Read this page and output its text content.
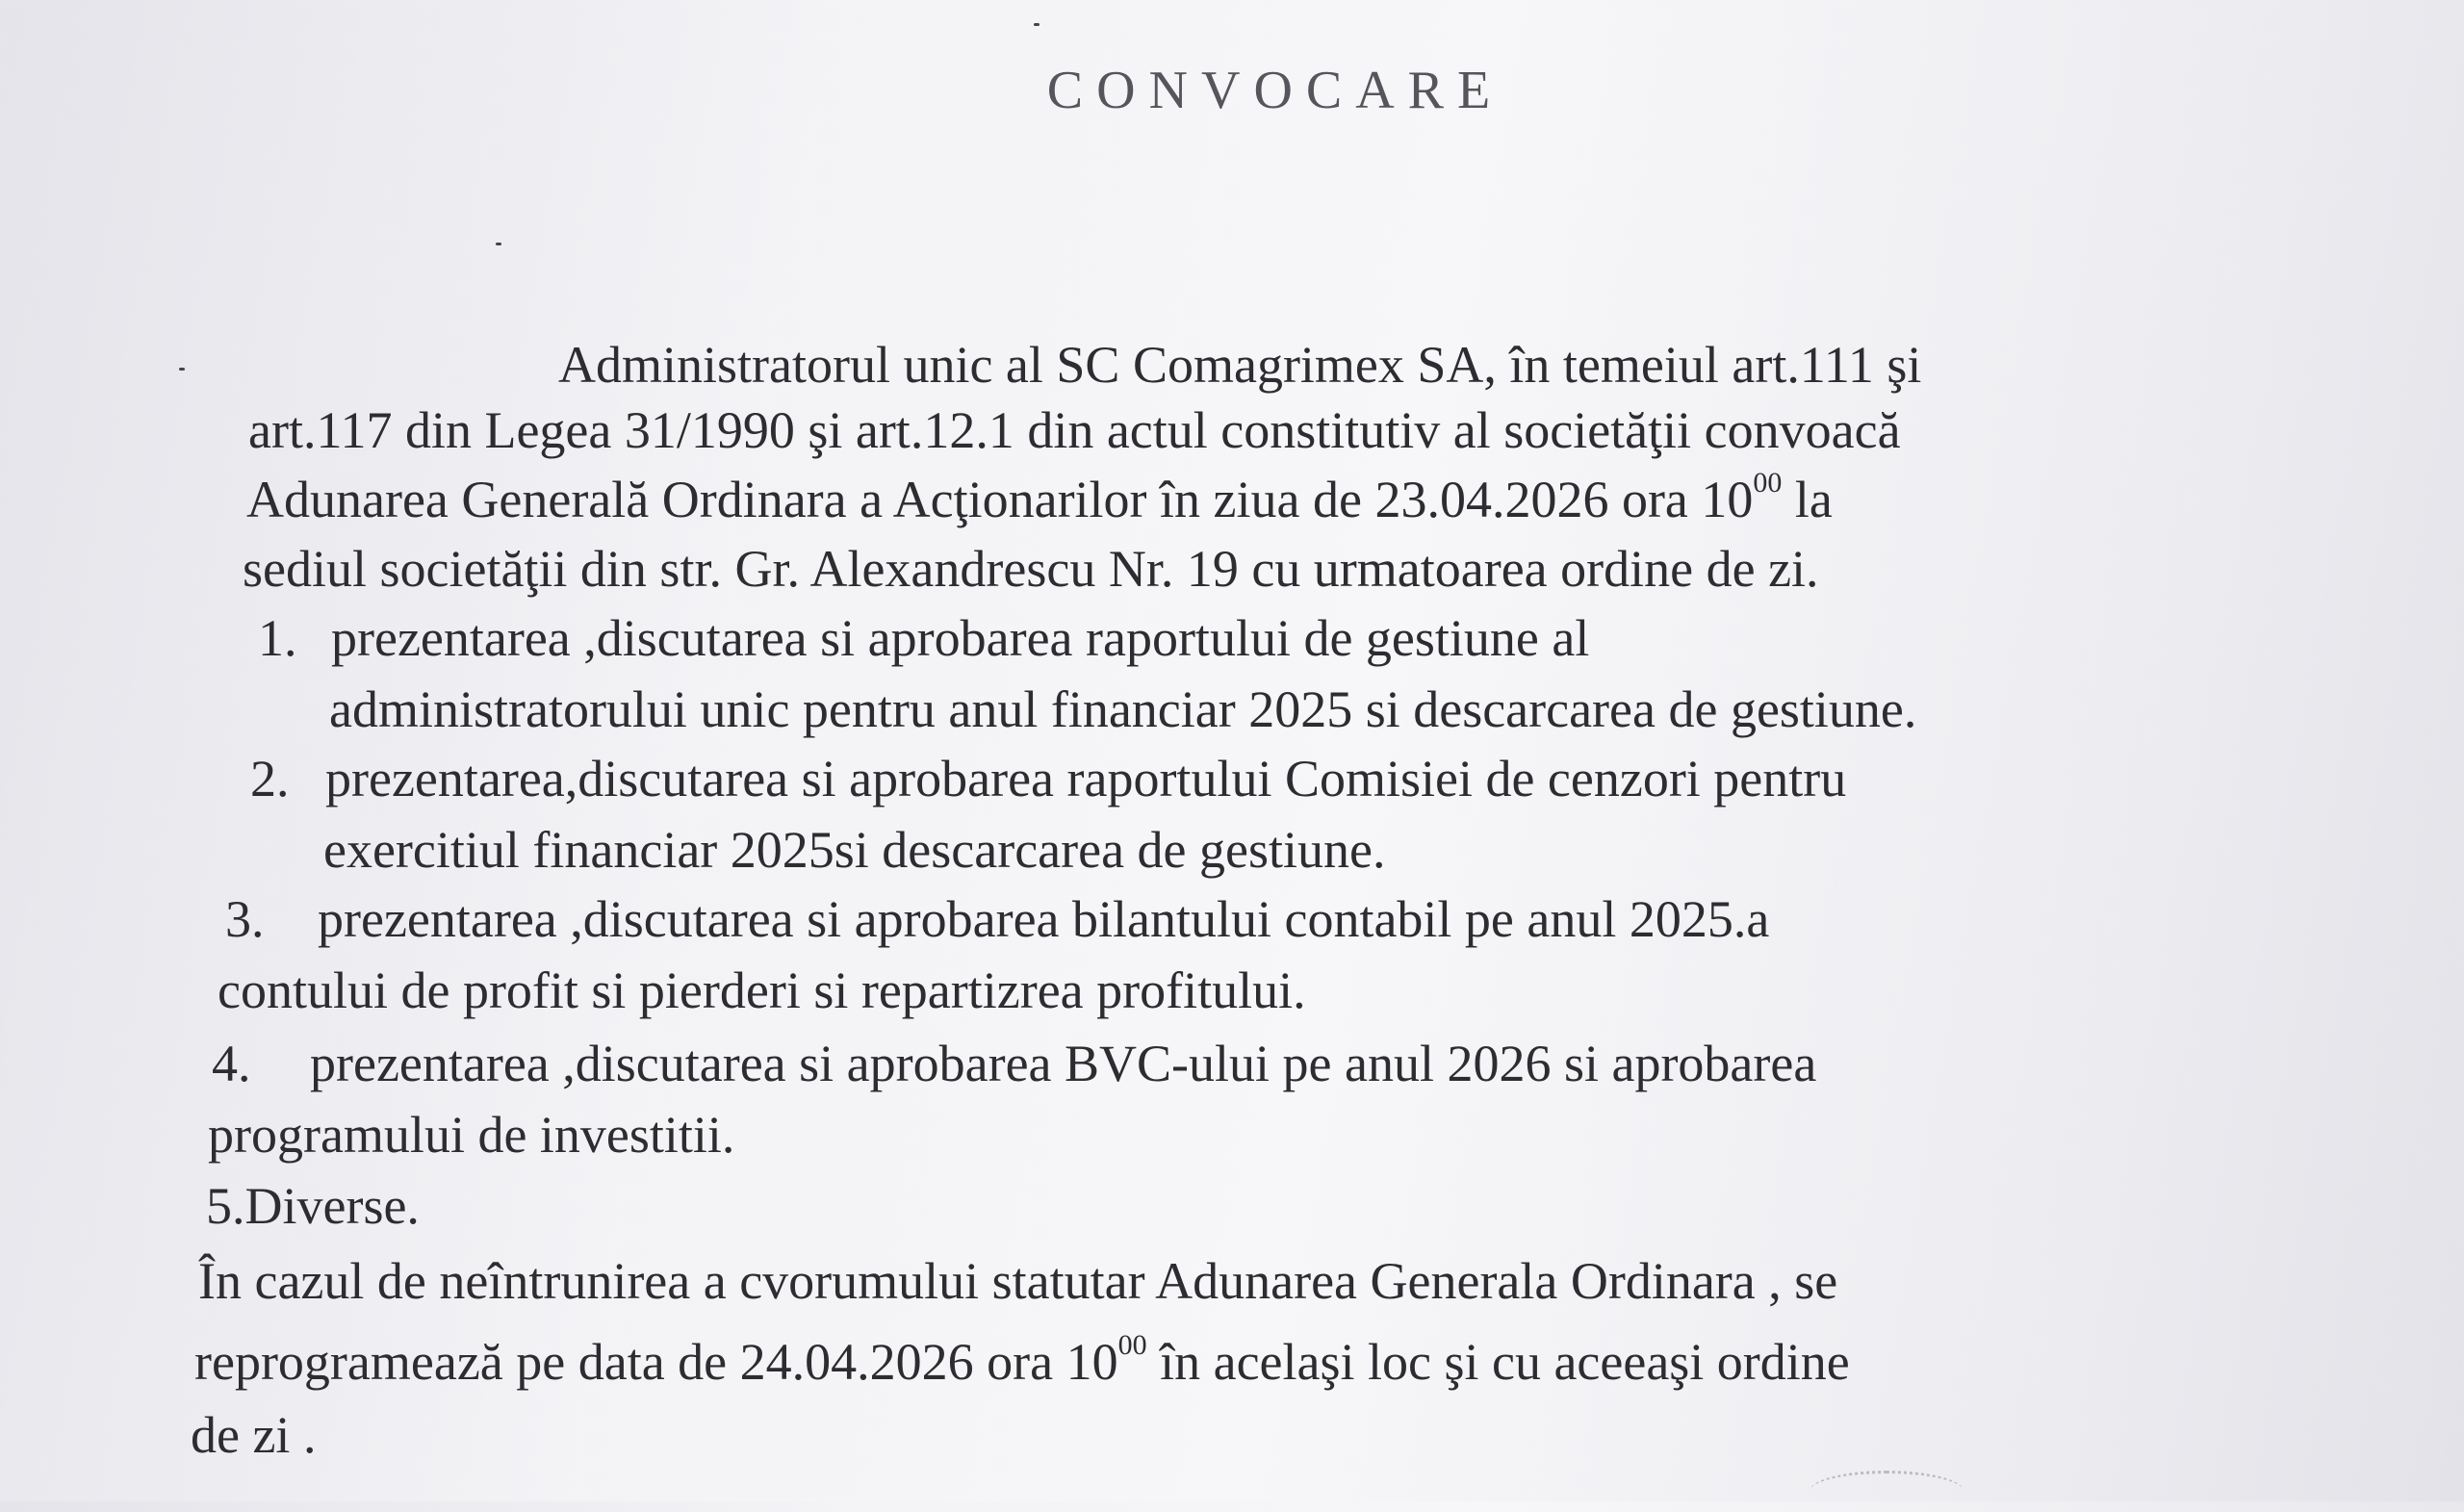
CONVOCARE
Administratorul unic al SC Comagrimex SA, în temeiul art.111 şi
art.117 din Legea 31/1990 şi art.12.1 din actul constitutiv al societăţii convoacă
Adunarea Generală Ordinara a Acţionarilor în ziua de 23.04.2026 ora $10^{00}$ la
sediul societăţii din str. Gr. Alexandrescu Nr. 19 cu urmatoarea ordine de zi.
1. prezentarea ,discutarea si aprobarea raportului de gestiune al
administratorului unic pentru anul financiar 2025 si descarcarea de gestiune.
2. prezentarea,discutarea si aprobarea raportului Comisiei de cenzori pentru
exercitiul financiar 2025si descarcarea de gestiune.
3. prezentarea ,discutarea si aprobarea bilantului contabil pe anul 2025.a
contului de profit si pierderi si repartizrea profitului.
4. prezentarea ,discutarea si aprobarea BVC-ului pe anul 2026 si aprobarea
programului de investitii.
5.Diverse.
În cazul de neîntrunirea a cvorumului statutar Adunarea Generala Ordinara , se
reprogramează pe data de 24.04.2026 ora $10^{00}$ în acelaşi loc şi cu aceeaşi ordine
de zi .
